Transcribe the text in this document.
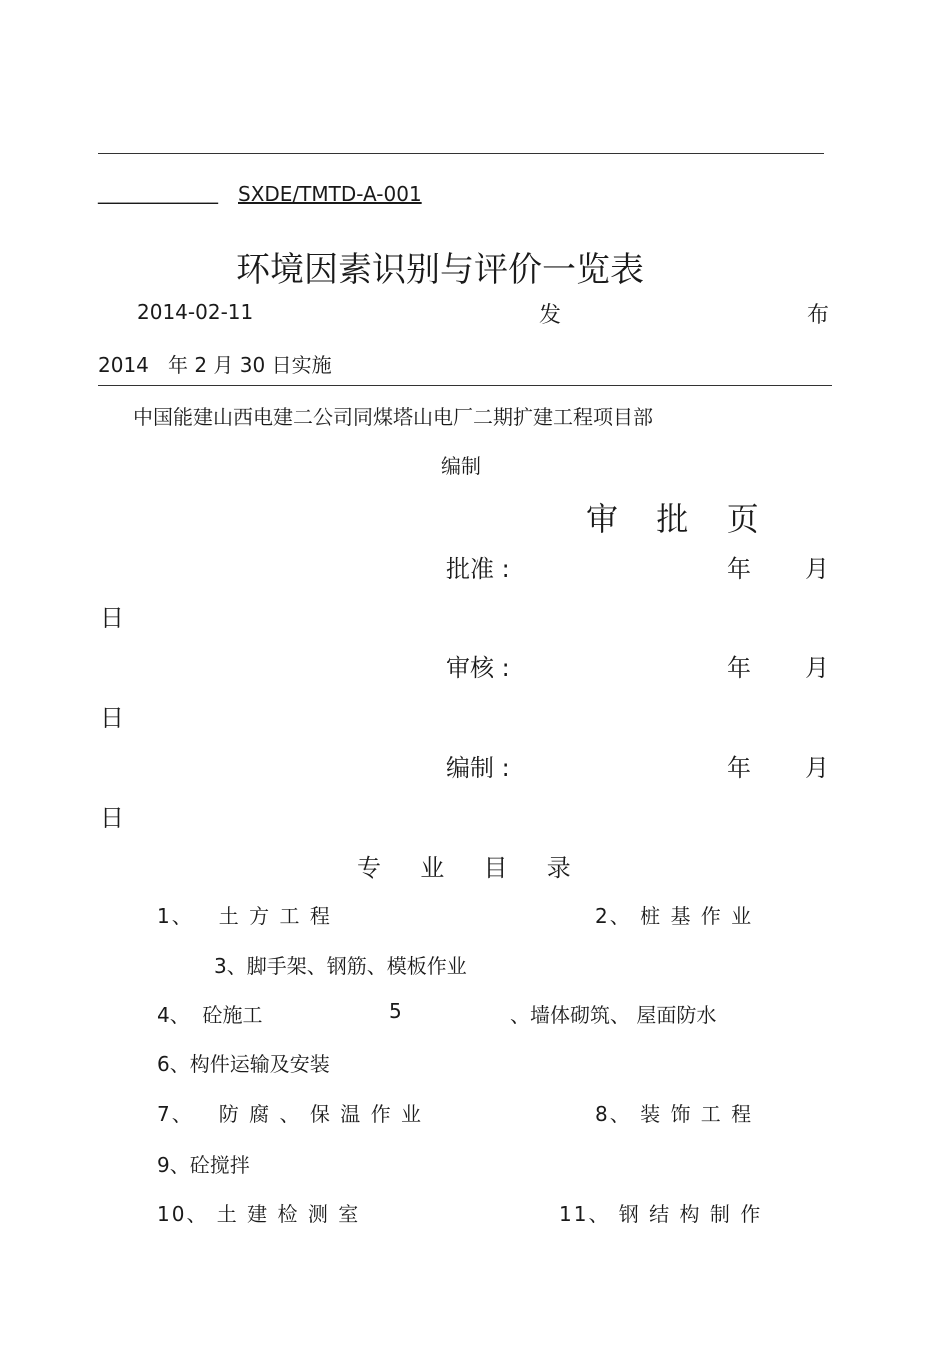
____________ SXDE/TMTD-A-001
环境因素识别与评价一览表
2014-02-11	发	布
2014   年 2 月 30 日实施
中国能建山西电建二公司同煤塔山电厂二期扩建工程项目部
编制
审  批  页
批准 :	年 月
日
审核 :	年 月
日
编制 :	年 月
日
专  业  目  录
1、   土 方 工 程	2、 桩 基 作 业
3、脚手架、钢筋、模板作业
4、  砼施工	5	、墙体砌筑、 屋面防水
6、构件运输及安装
7、   防 腐 、 保 温 作 业	8、 装 饰 工 程
9、砼搅拌
10、 土 建 检 测 室	11、 钢 结 构 制 作
